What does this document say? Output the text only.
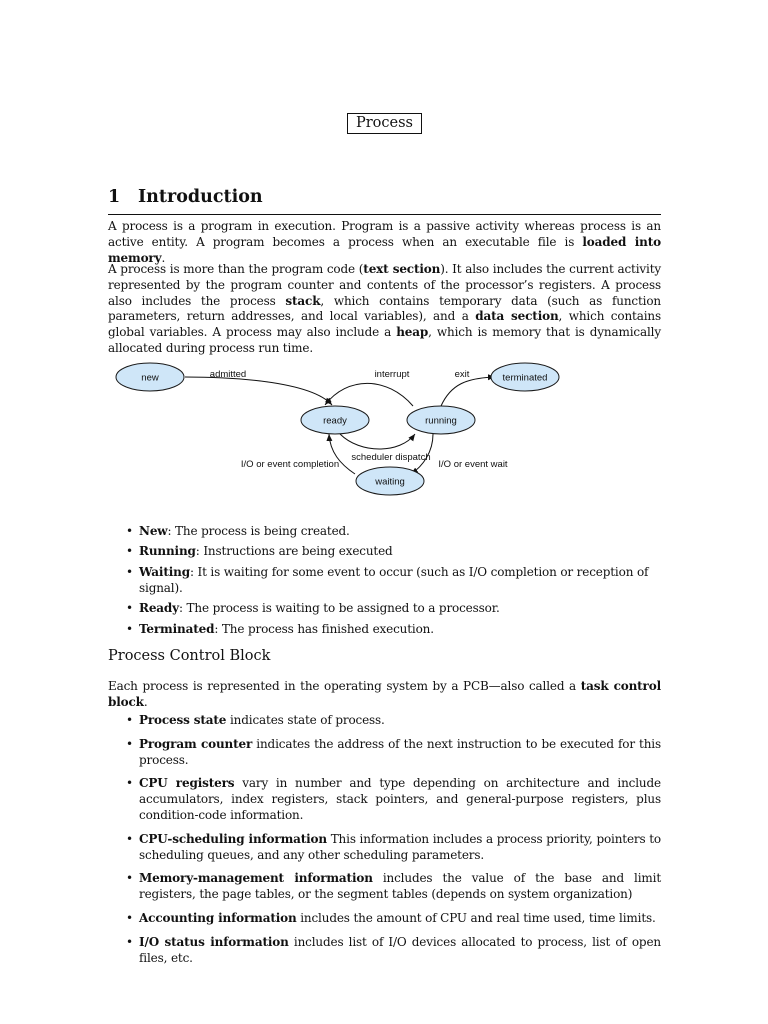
Process
1 Introduction

A process is a program in execution. Program is a passive activity whereas process is an active entity. A program becomes a process when an executable file is loaded into memory.

A process is more than the program code (text section). It also includes the current activity represented by the program counter and contents of the processor’s registers. A process also includes the process stack, which contains temporary data (such as function parameters, return addresses, and local variables), and a data section, which contains global variables. A process may also include a heap, which is memory that is dynamically allocated during process run time.

new
ready	running
waiting
terminated
admitted	interrupt	exit
scheduler dispatch
I/O or event completion	I/O or event wait
• New: The process is being created.
• Running: Instructions are being executed
• Waiting: It is waiting for some event to occur (such as I/O completion or reception of signal).
• Ready: The process is waiting to be assigned to a processor.
• Terminated: The process has finished execution.
Process Control Block

Each process is represented in the operating system by a PCB—also called a task control block.

• Process state indicates state of process.
• Program counter indicates the address of the next instruction to be executed for this process.
• CPU registers vary in number and type depending on architecture and include accumulators, index registers, stack pointers, and general-purpose registers, plus condition-code information.
• CPU-scheduling information This information includes a process priority, pointers to scheduling queues, and any other scheduling parameters.
• Memory-management information includes the value of the base and limit registers, the page tables, or the segment tables (depends on system organization)
• Accounting information includes the amount of CPU and real time used, time limits.
• I/O status information includes list of I/O devices allocated to process, list of open files, etc.
